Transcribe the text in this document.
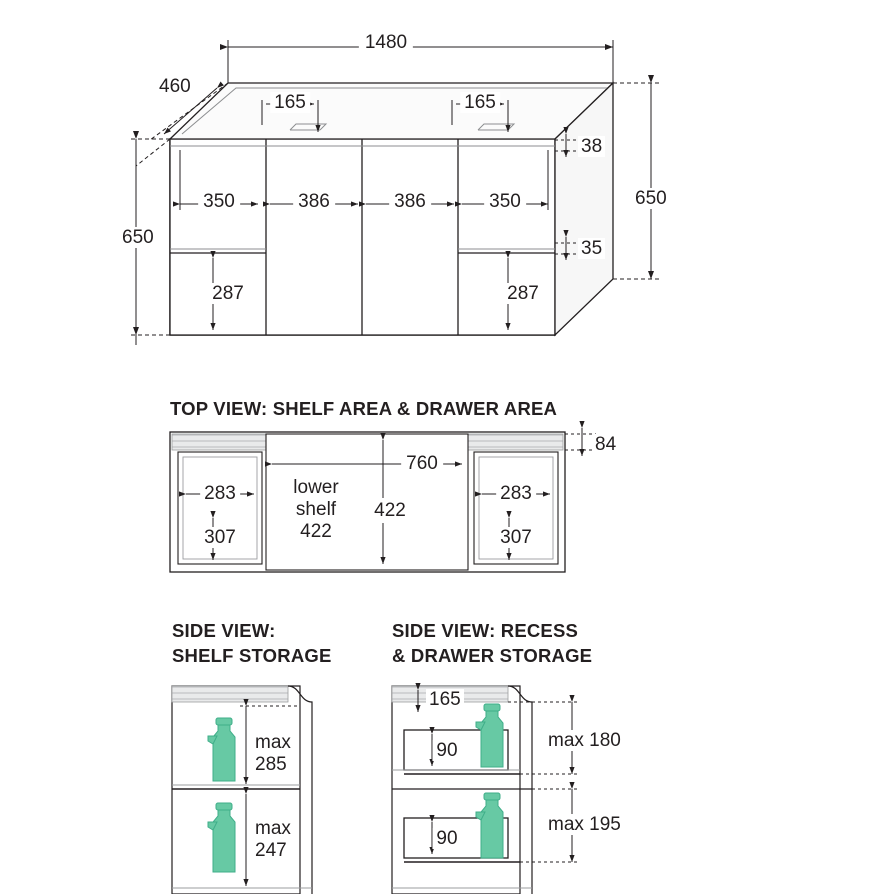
1480
460
650
650
165	165
350	386	386	350
38
35
287	287
TOP VIEW: SHELF AREA & DRAWER AREA
84
760
lower
shelf
422
422
283
307
283
307
SIDE VIEW:
SHELF STORAGE
max
285
max
247
SIDE VIEW: RECESS
& DRAWER STORAGE
165
90
90
max 180
max 195
